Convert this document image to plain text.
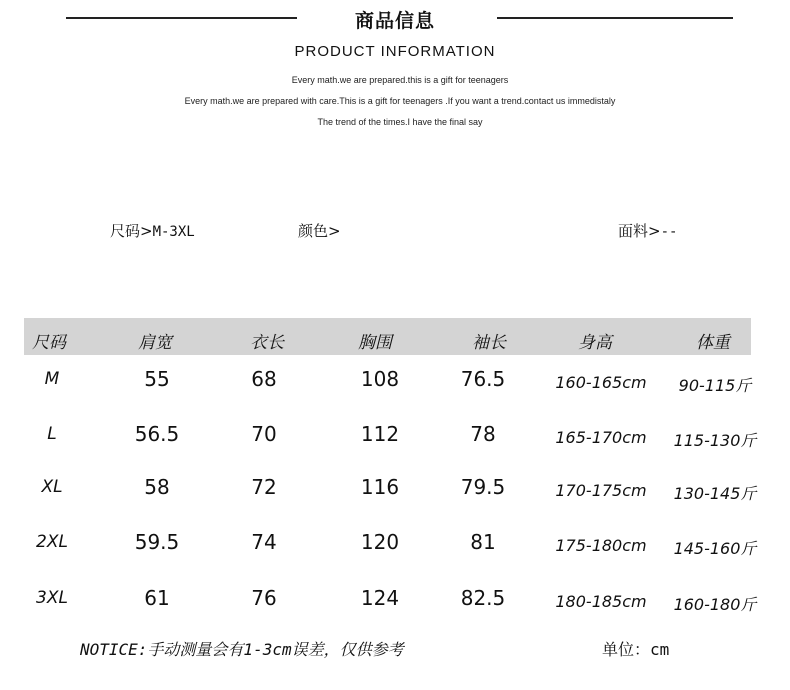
商品信息
PRODUCT INFORMATION
Every math.we are prepared.this is a gift for teenagers
Every math.we are prepared with care.This is a gift for teenagers .If you want a trend.contact us immedistaly
The trend of the times.I have the final say
尺码>M-3XL	颜色>	面料>--
尺码	肩宽	衣长	胸围	袖长	身高	体重
M	55	68	108	76.5	160-165cm	90-115斤
L	56.5	70	112	78	165-170cm	115-130斤
XL	58	72	116	79.5	170-175cm	130-145斤
2XL	59.5	74	120	81	175-180cm	145-160斤
3XL	61	76	124	82.5	180-185cm	160-180斤
NOTICE:手动测量会有1-3cm误差，仅供参考	单位：cm
